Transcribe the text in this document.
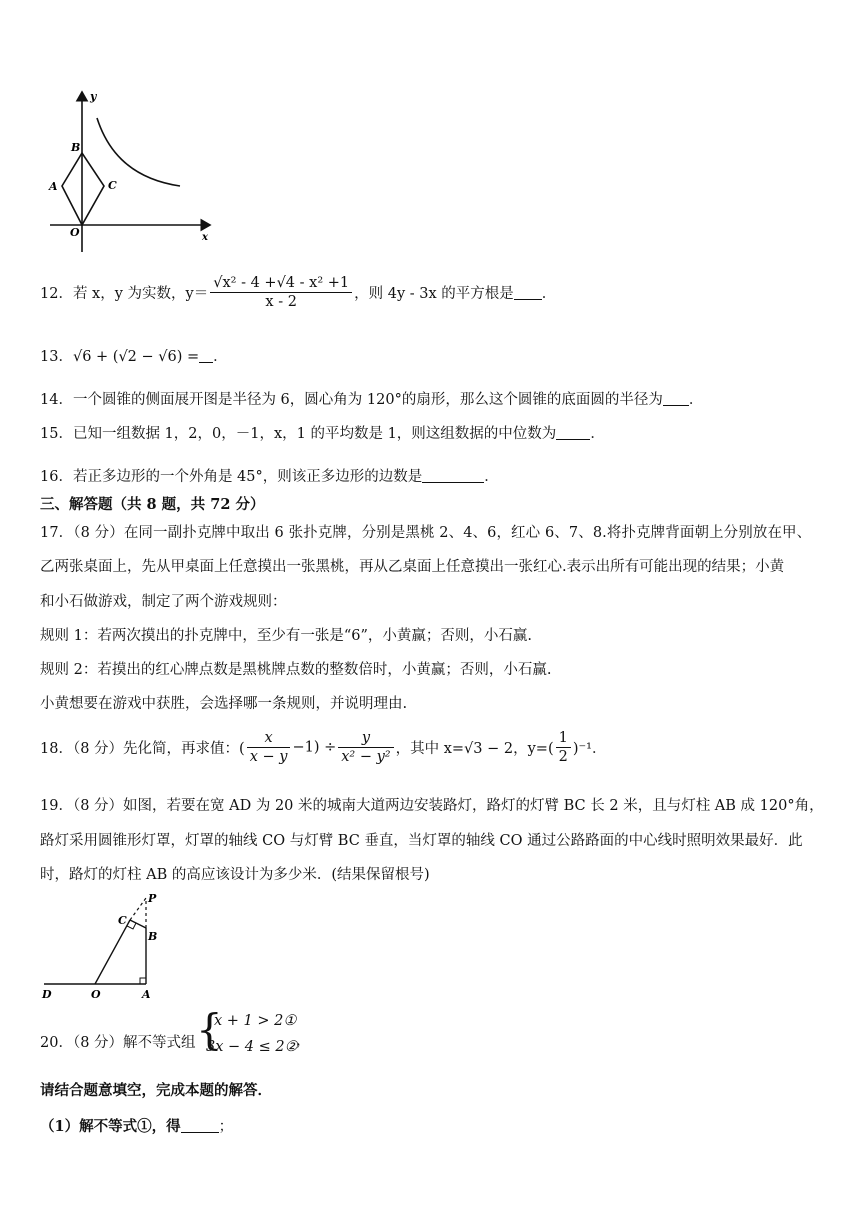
y
x
O
A
B
C
12．若 x，y 为实数，$y= \frac{\text{√x² - 4 +√4 - x² +1}}{x - 2}$ ，则 4y - 3x 的平方根是 ．
13．√6 + (√2 − √6) = ．
14．一个圆锥的侧面展开图是半径为 6，圆心角为 120°的扇形，那么这个圆锥的底面圆的半径为 ．
15．已知一组数据 1，2，0，－1，x，1 的平均数是 1，则这组数据的中位数为 ．
16．若正多边形的一个外角是 45°，则该正多边形的边数是	．
三、解答题（共 8 题，共 72 分）
17．（8 分）在同一副扑克牌中取出 6 张扑克牌，分别是黑桃 2、4、6，红心 6、7、8.将扑克牌背面朝上分别放在甲、
乙两张桌面上，先从甲桌面上任意摸出一张黑桃，再从乙桌面上任意摸出一张红心.表示出所有可能出现的结果；小黄
和小石做游戏，制定了两个游戏规则：
规则 1：若两次摸出的扑克牌中，至少有一张是“6”，小黄赢；否则，小石赢.
规则 2：若摸出的红心牌点数是黑桃牌点数的整数倍时，小黄赢；否则，小石赢.
小黄想要在游戏中获胜，会选择哪一条规则，并说明理由.
18．（8 分）先化简，再求值：( $\frac{x}{x - y} -1) \div \frac{y}{\text{x² − y²}}$ ，其中 x=√3 − 2，$y=( \frac{1}{2} )^{-1}$．
19．（8 分）如图，若要在宽 AD 为 20 米的城南大道两边安装路灯，路灯的灯臂 BC 长 2 米，且与灯柱 AB 成 120°角，
路灯采用圆锥形灯罩，灯罩的轴线 CO 与灯臂 BC 垂直，当灯罩的轴线 CO 通过公路路面的中心线时照明效果最好．此
时，路灯的灯柱 AB 的高应该设计为多少米．(结果保留根号)
P
C
B
D	O	A
20．（8 分）解不等式组 {
x + 1 > 2①
3x − 4 ≤ 2②
，
请结合题意填空，完成本题的解答．
（1）解不等式①，得	；
